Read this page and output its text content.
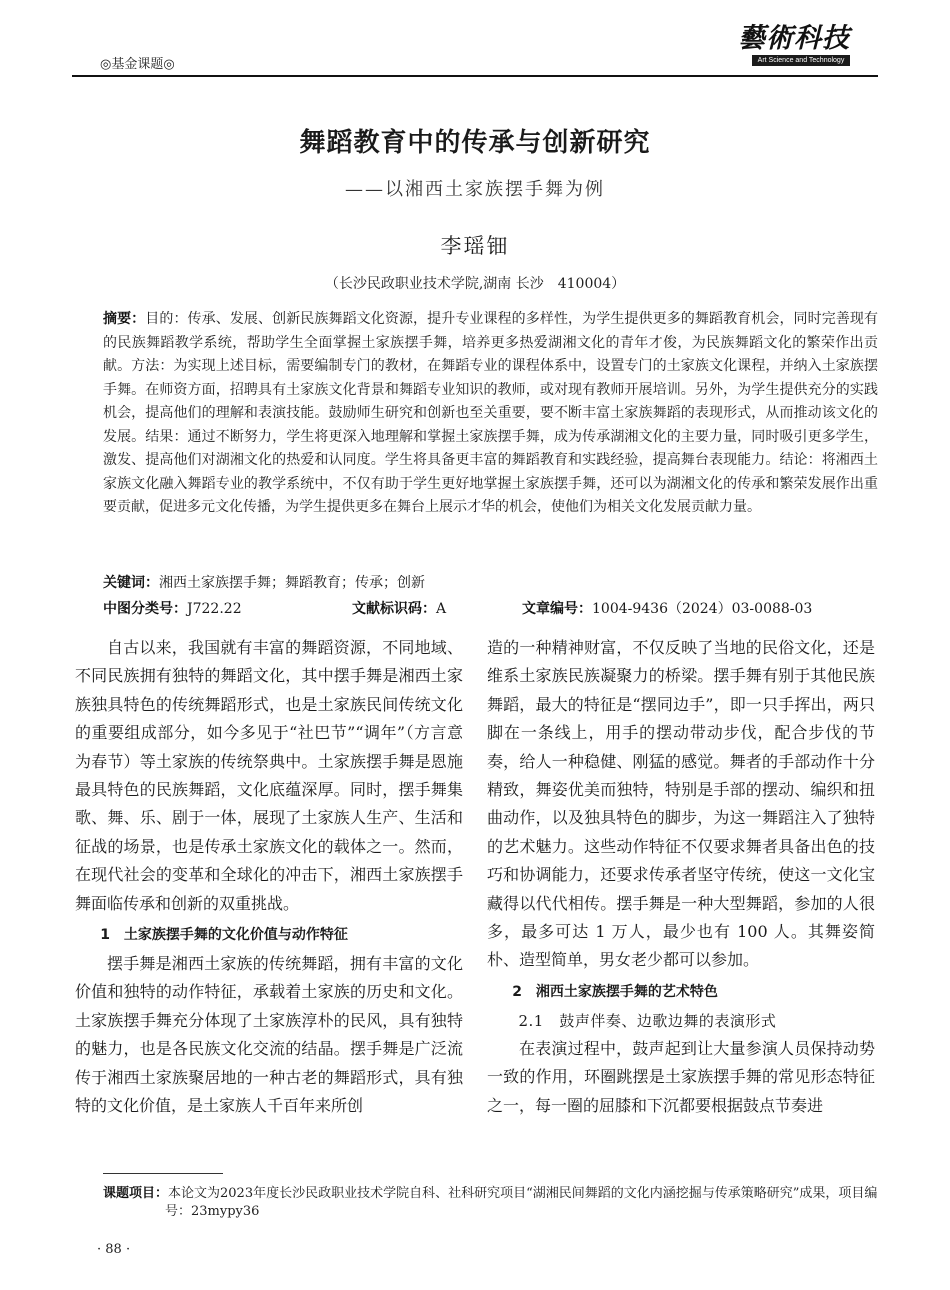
◎基金课题◎
藝術科技
Art Science and Technology
舞蹈教育中的传承与创新研究
——以湘西土家族摆手舞为例
李瑶钿
（长沙民政职业技术学院,湖南 长沙　410004）
摘要：目的：传承、发展、创新民族舞蹈文化资源，提升专业课程的多样性，为学生提供更多的舞蹈教育机会，同时完善现有的民族舞蹈教学系统，帮助学生全面掌握土家族摆手舞，培养更多热爱湖湘文化的青年才俊，为民族舞蹈文化的繁荣作出贡献。方法：为实现上述目标，需要编制专门的教材，在舞蹈专业的课程体系中，设置专门的土家族文化课程，并纳入土家族摆手舞。在师资方面，招聘具有土家族文化背景和舞蹈专业知识的教师，或对现有教师开展培训。另外，为学生提供充分的实践机会，提高他们的理解和表演技能。鼓励师生研究和创新也至关重要，要不断丰富土家族舞蹈的表现形式，从而推动该文化的发展。结果：通过不断努力，学生将更深入地理解和掌握土家族摆手舞，成为传承湖湘文化的主要力量，同时吸引更多学生，激发、提高他们对湖湘文化的热爱和认同度。学生将具备更丰富的舞蹈教育和实践经验，提高舞台表现能力。结论：将湘西土家族文化融入舞蹈专业的教学系统中，不仅有助于学生更好地掌握土家族摆手舞，还可以为湖湘文化的传承和繁荣发展作出重要贡献，促进多元文化传播，为学生提供更多在舞台上展示才华的机会，使他们为相关文化发展贡献力量。
关键词：湘西土家族摆手舞；舞蹈教育；传承；创新
中图分类号：J722.22	文献标识码：A	文章编号：1004-9436（2024）03-0088-03

自古以来，我国就有丰富的舞蹈资源，不同地域、不同民族拥有独特的舞蹈文化，其中摆手舞是湘西土家族独具特色的传统舞蹈形式，也是土家族民间传统文化的重要组成部分，如今多见于“社巴节”“调年”（方言意为春节）等土家族的传统祭典中。土家族摆手舞是恩施最具特色的民族舞蹈，文化底蕴深厚。同时，摆手舞集歌、舞、乐、剧于一体，展现了土家族人生产、生活和征战的场景，也是传承土家族文化的载体之一。然而，在现代社会的变革和全球化的冲击下，湘西土家族摆手舞面临传承和创新的双重挑战。

1　土家族摆手舞的文化价值与动作特征

摆手舞是湘西土家族的传统舞蹈，拥有丰富的文化价值和独特的动作特征，承载着土家族的历史和文化。土家族摆手舞充分体现了土家族淳朴的民风，具有独特的魅力，也是各民族文化交流的结晶。摆手舞是广泛流传于湘西土家族聚居地的一种古老的舞蹈形式，具有独特的文化价值，是土家族人千百年来所创

造的一种精神财富，不仅反映了当地的民俗文化，还是维系土家族民族凝聚力的桥梁。摆手舞有别于其他民族舞蹈，最大的特征是“摆同边手”，即一只手挥出，两只脚在一条线上，用手的摆动带动步伐，配合步伐的节奏，给人一种稳健、刚猛的感觉。舞者的手部动作十分精致，舞姿优美而独特，特别是手部的摆动、编织和扭曲动作，以及独具特色的脚步，为这一舞蹈注入了独特的艺术魅力。这些动作特征不仅要求舞者具备出色的技巧和协调能力，还要求传承者坚守传统，使这一文化宝藏得以代代相传。摆手舞是一种大型舞蹈，参加的人很多，最多可达 1 万人，最少也有 100 人。其舞姿简朴、造型简单，男女老少都可以参加。

2　湘西土家族摆手舞的艺术特色
2.1　鼓声伴奏、边歌边舞的表演形式

在表演过程中，鼓声起到让大量参演人员保持动势一致的作用，环圈跳摆是土家族摆手舞的常见形态特征之一，每一圈的屈膝和下沉都要根据鼓点节奏进

课题项目：本论文为2023年度长沙民政职业技术学院自科、社科研究项目“湖湘民间舞蹈的文化内涵挖掘与传承策略研究”成果，项目编号：23mypy36
· 88 ·
